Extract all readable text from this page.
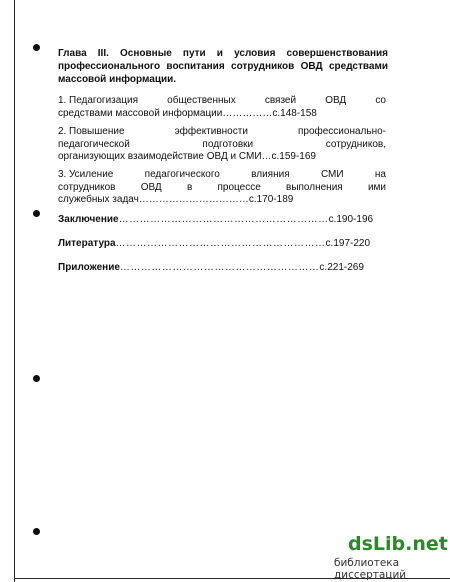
Глава III. Основные пути и условия совершенствования профессионального воспитания сотрудников ОВД средствами массовой информации.
1. Педагогизация общественных связей ОВД со
средствами массовой информации……………с.148-158
2. Повышение эффективности профессионально-
педагогической подготовки сотрудников,
организующих взаимодействие ОВД и СМИ…с.159-169
3. Усиление педагогического влияния СМИ на
сотрудников ОВД в процессе выполнения ими
служебных задач……………………………с.170-189
Заключение……………………………………………………с.190-196
Литература……………………………………………………с.197-220
Приложение…………………………………………………с.221-269
dsLib.net
библиотека диссертаций
